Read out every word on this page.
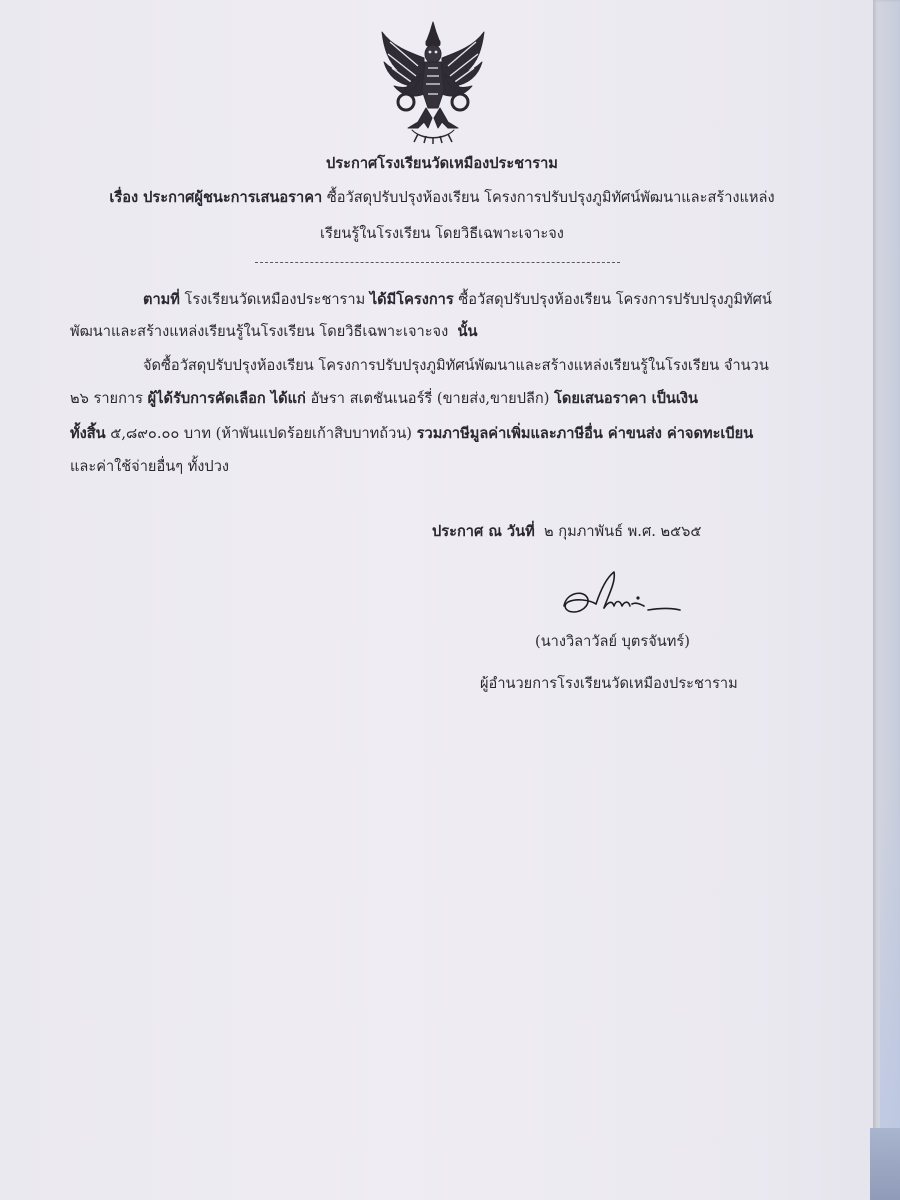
ประกาศโรงเรียนวัดเหมืองประชาราม
เรื่อง ประกาศผู้ชนะการเสนอราคา ซื้อวัสดุปรับปรุงห้องเรียน โครงการปรับปรุงภูมิทัศน์พัฒนาและสร้างแหล่ง
เรียนรู้ในโรงเรียน โดยวิธีเฉพาะเจาะจง
ตามที่ โรงเรียนวัดเหมืองประชาราม ได้มีโครงการ ซื้อวัสดุปรับปรุงห้องเรียน โครงการปรับปรุงภูมิทัศน์
พัฒนาและสร้างแหล่งเรียนรู้ในโรงเรียน โดยวิธีเฉพาะเจาะจง นั้น
จัดซื้อวัสดุปรับปรุงห้องเรียน โครงการปรับปรุงภูมิทัศน์พัฒนาและสร้างแหล่งเรียนรู้ในโรงเรียน จำนวน
๒๖ รายการ ผู้ได้รับการคัดเลือก ได้แก่ อัษรา สเตชันเนอร์รี่ (ขายส่ง,ขายปลีก) โดยเสนอราคา เป็นเงิน
ทั้งสิ้น ๕,๘๙๐.๐๐ บาท (ห้าพันแปดร้อยเก้าสิบบาทถ้วน) รวมภาษีมูลค่าเพิ่มและภาษีอื่น ค่าขนส่ง ค่าจดทะเบียน
และค่าใช้จ่ายอื่นๆ ทั้งปวง
ประกาศ ณ วันที่ ๒ กุมภาพันธ์ พ.ศ. ๒๕๖๕
(นางวิลาวัลย์ บุตรจันทร์)
ผู้อำนวยการโรงเรียนวัดเหมืองประชาราม
